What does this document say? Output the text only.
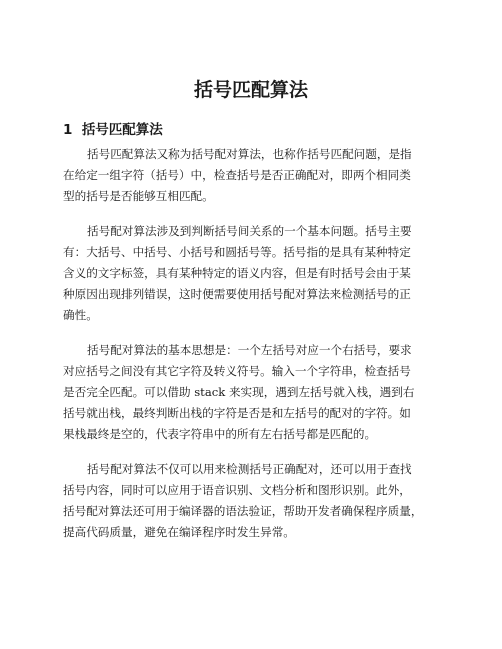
括号匹配算法
1 括号匹配算法
括号匹配算法又称为括号配对算法，也称作括号匹配问题，是指
在给定一组字符（括号）中，检查括号是否正确配对，即两个相同类
型的括号是否能够互相匹配。
括号配对算法涉及到判断括号间关系的一个基本问题。括号主要
有：大括号、中括号、小括号和圆括号等。括号指的是具有某种特定
含义的文字标签，具有某种特定的语义内容，但是有时括号会由于某
种原因出现排列错误，这时便需要使用括号配对算法来检测括号的正
确性。
括号配对算法的基本思想是：一个左括号对应一个右括号，要求
对应括号之间没有其它字符及转义符号。输入一个字符串，检查括号
是否完全匹配。可以借助 stack 来实现，遇到左括号就入栈，遇到右
括号就出栈，最终判断出栈的字符是否是和左括号的配对的字符。如
果栈最终是空的，代表字符串中的所有左右括号都是匹配的。
括号配对算法不仅可以用来检测括号正确配对，还可以用于查找
括号内容，同时可以应用于语音识别、文档分析和图形识别。此外，
括号配对算法还可用于编译器的语法验证，帮助开发者确保程序质量，
提高代码质量，避免在编译程序时发生异常。
